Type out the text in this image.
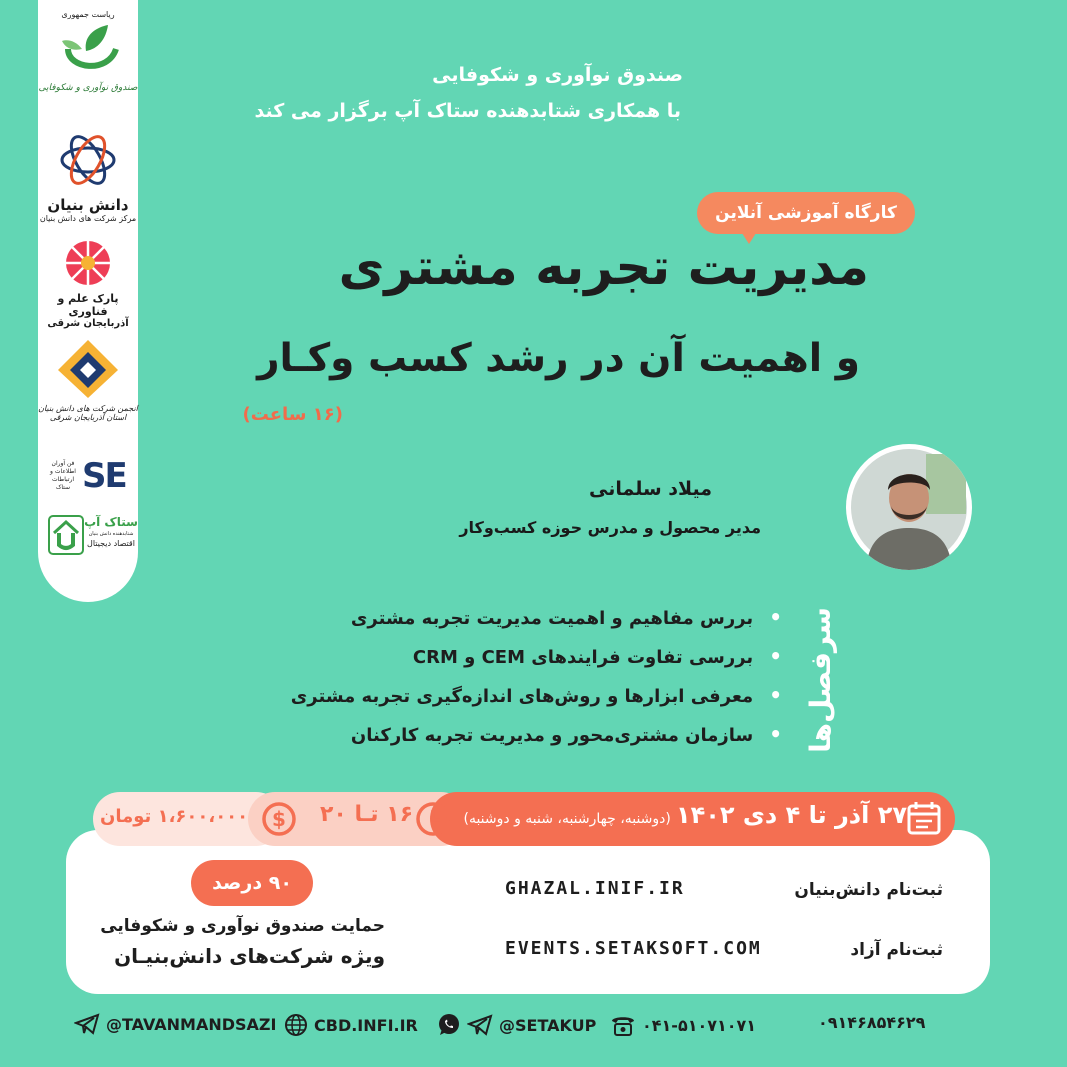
ریاست جمهوری
صندوق نوآوری و شکوفایی
دانش بنیان
مرکز شرکت های دانش بنیان
پارک علم و فناوری
آذربایجان شرقی
انجمن شرکت های دانش بنیان
استان آذربایجان شرقی
فن آوران اطلاعات و ارتباطات ستاک SE
ستاک آپ
شتابدهنده دانش بنیان
اقتصاد دیجیتال
صندوق نوآوری و شکوفایی
با همکاری شتابدهنده ستاک آپ برگزار می کند
کارگاه آموزشی آنلاین
مدیریت تجربه مشتری
و اهمیت آن در رشد کسب وکـار
(۱۶ ساعت)
میلاد سلمانی
مدیر محصول و مدرس حوزه کسب‌وکار
سرفصل‌ها
• بررس مفاهیم و اهمیت مدیریت تجربه مشتری
• بررسی تفاوت فرایندهای CEM و CRM
• معرفی ابزارها و روش‌های اندازه‌گیری تجربه مشتری
• سازمان مشتری‌محور و مدیریت تجربه کارکنان
۲۷ آذر تا ۴ دی ۱۴۰۲ (دوشنبه، چهارشنبه، شنبه و دوشنبه)
۱۶ تـا ۲۰
$
۱،۶۰۰،۰۰۰ تومان
ثبت‌نام دانش‌بنیان
GHAZAL.INIF.IR
ثبت‌نام آزاد
EVENTS.SETAKSOFT.COM
۹۰ درصد
حمایت صندوق نوآوری و شکوفایی
ویژه شرکت‌های دانش‌بنیـان
@TAVANMANDSAZI CBD.INFI.IR	@SETAKUP	۰۴۱-۵۱۰۷۱۰۷۱	۰۹۱۴۶۸۵۴۶۲۹
